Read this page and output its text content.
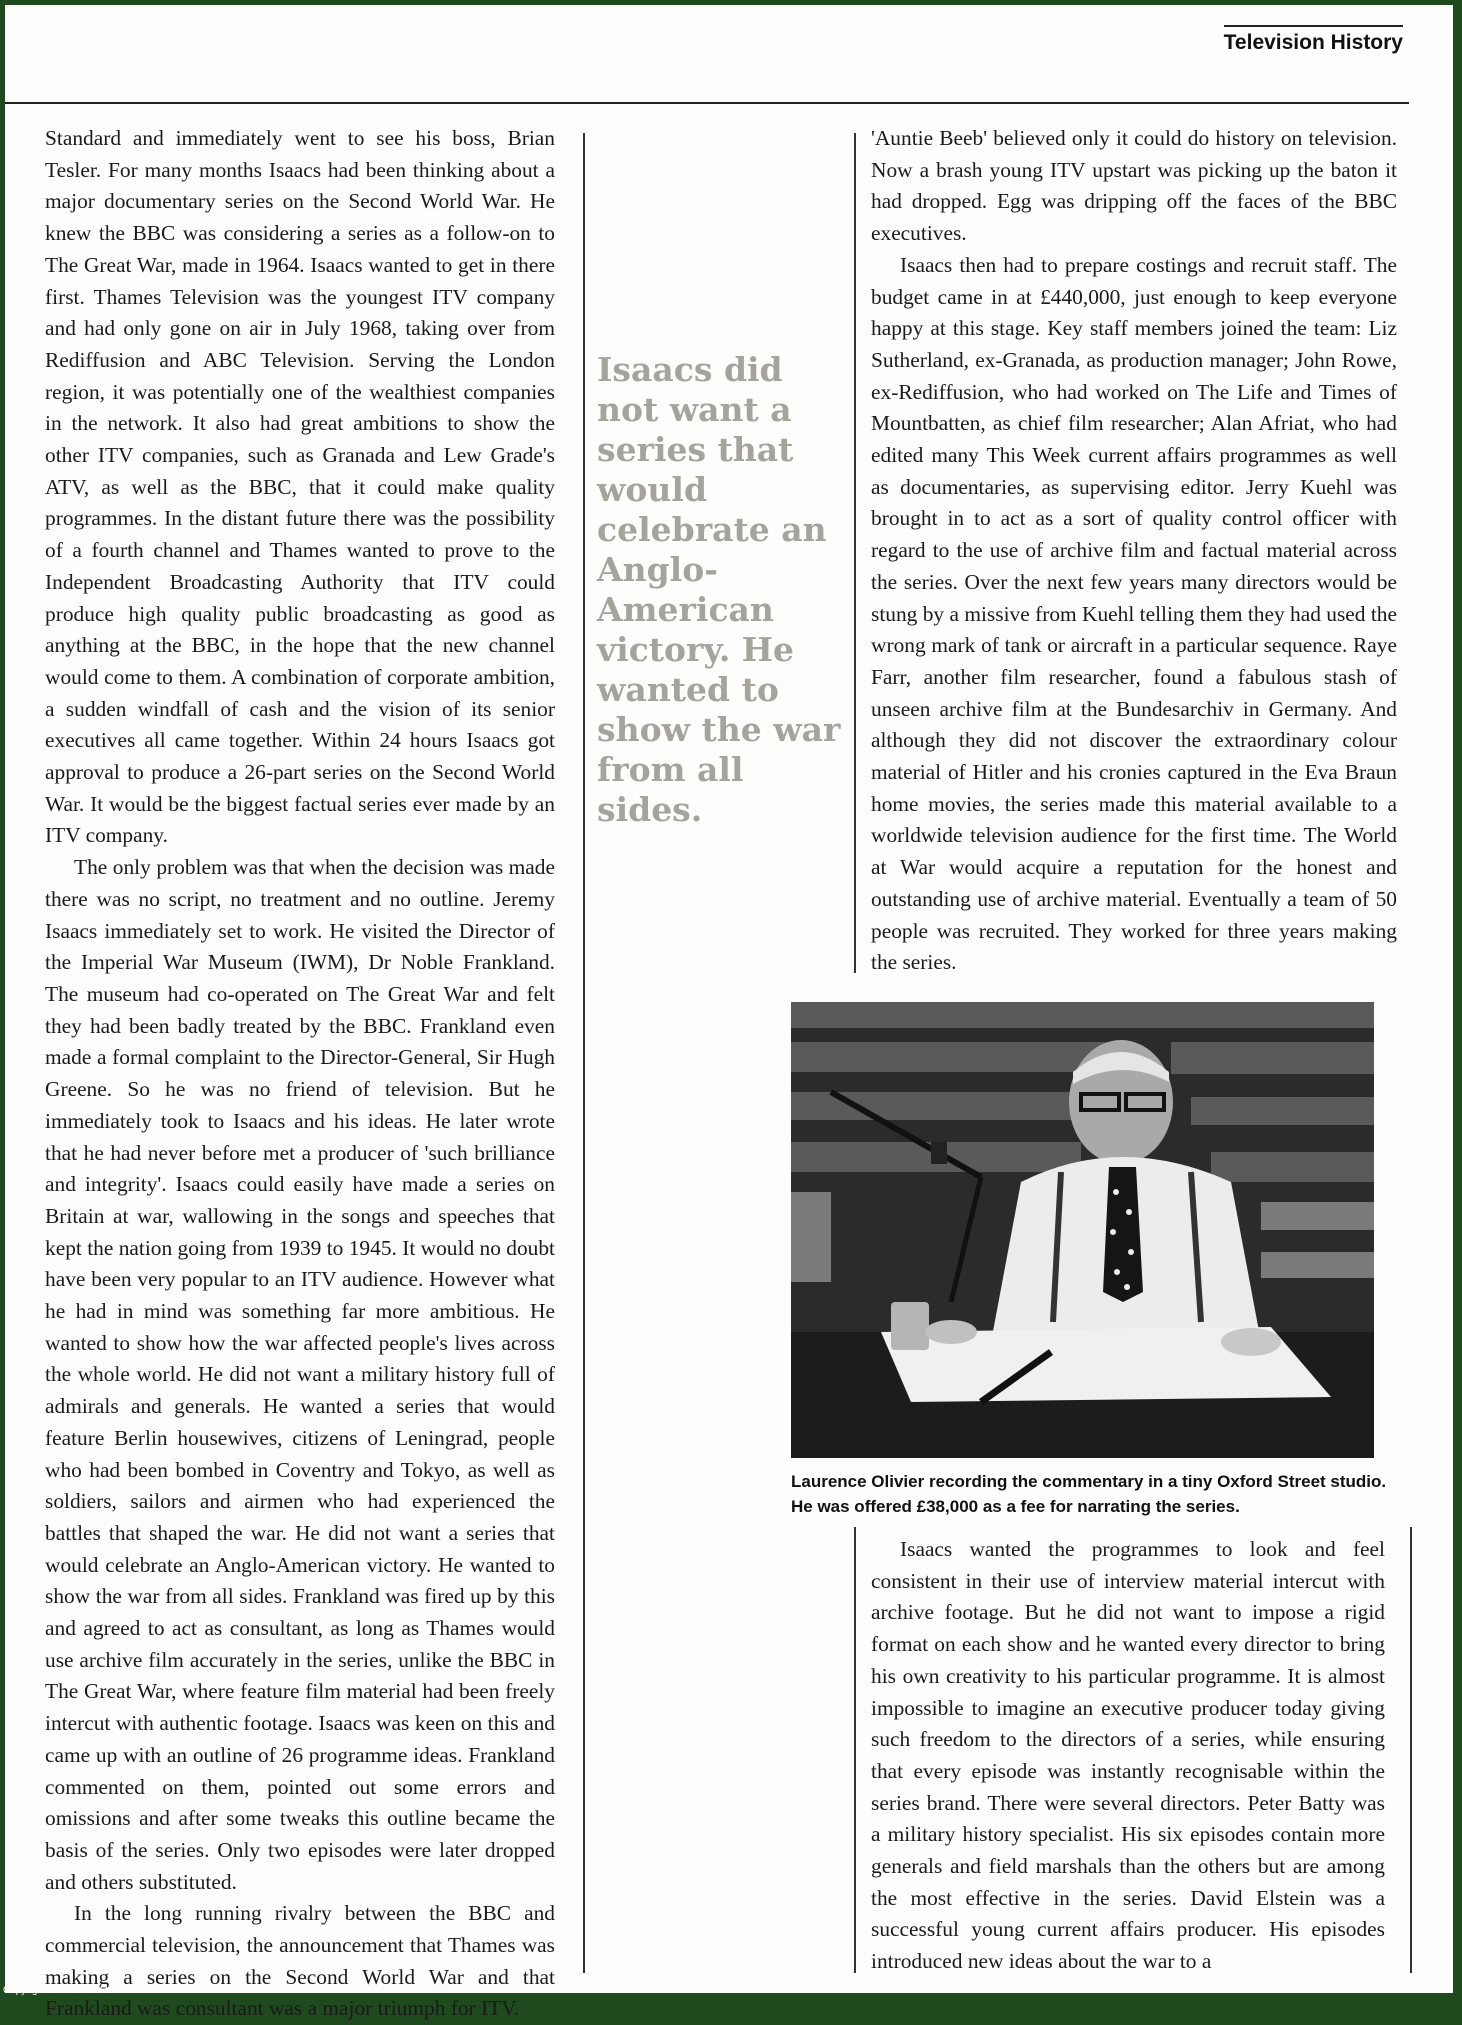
Television History

Standard and immediately went to see his boss, Brian Tesler. For many months Isaacs had been thinking about a major documentary series on the Second World War. He knew the BBC was considering a series as a follow-on to The Great War, made in 1964. Isaacs wanted to get in there first. Thames Television was the youngest ITV company and had only gone on air in July 1968, taking over from Rediffusion and ABC Television. Serving the London region, it was potentially one of the wealthiest companies in the network. It also had great ambitions to show the other ITV companies, such as Granada and Lew Grade's ATV, as well as the BBC, that it could make quality programmes. In the distant future there was the possibility of a fourth channel and Thames wanted to prove to the Independent Broadcasting Authority that ITV could produce high quality public broadcasting as good as anything at the BBC, in the hope that the new channel would come to them. A combination of corporate ambition, a sudden windfall of cash and the vision of its senior executives all came together. Within 24 hours Isaacs got approval to produce a 26-part series on the Second World War. It would be the biggest factual series ever made by an ITV company.

The only problem was that when the decision was made there was no script, no treatment and no outline. Jeremy Isaacs immediately set to work. He visited the Director of the Imperial War Museum (IWM), Dr Noble Frankland. The museum had co-operated on The Great War and felt they had been badly treated by the BBC. Frankland even made a formal complaint to the Director-General, Sir Hugh Greene. So he was no friend of television. But he immediately took to Isaacs and his ideas. He later wrote that he had never before met a producer of 'such brilliance and integrity'. Isaacs could easily have made a series on Britain at war, wallowing in the songs and speeches that kept the nation going from 1939 to 1945. It would no doubt have been very popular to an ITV audience. However what he had in mind was something far more ambitious. He wanted to show how the war affected people's lives across the whole world. He did not want a military history full of admirals and generals. He wanted a series that would feature Berlin housewives, citizens of Leningrad, people who had been bombed in Coventry and Tokyo, as well as soldiers, sailors and airmen who had experienced the battles that shaped the war. He did not want a series that would celebrate an Anglo-American victory. He wanted to show the war from all sides. Frankland was fired up by this and agreed to act as consultant, as long as Thames would use archive film accurately in the series, unlike the BBC in The Great War, where feature film material had been freely intercut with authentic footage. Isaacs was keen on this and came up with an outline of 26 programme ideas. Frankland commented on them, pointed out some errors and omissions and after some tweaks this outline became the basis of the series. Only two episodes were later dropped and others substituted.

In the long running rivalry between the BBC and commercial television, the announcement that Thames was making a series on the Second World War and that Frankland was consultant was a major triumph for ITV.

Isaacs did not want a series that would celebrate an Anglo-American victory. He wanted to show the war from all sides.

'Auntie Beeb' believed only it could do history on television. Now a brash young ITV upstart was picking up the baton it had dropped. Egg was dripping off the faces of the BBC executives.

Isaacs then had to prepare costings and recruit staff. The budget came in at £440,000, just enough to keep everyone happy at this stage. Key staff members joined the team: Liz Sutherland, ex-Granada, as production manager; John Rowe, ex-Rediffusion, who had worked on The Life and Times of Mountbatten, as chief film researcher; Alan Afriat, who had edited many This Week current affairs programmes as well as documentaries, as supervising editor. Jerry Kuehl was brought in to act as a sort of quality control officer with regard to the use of archive film and factual material across the series. Over the next few years many directors would be stung by a missive from Kuehl telling them they had used the wrong mark of tank or aircraft in a particular sequence. Raye Farr, another film researcher, found a fabulous stash of unseen archive film at the Bundesarchiv in Germany. And although they did not discover the extraordinary colour material of Hitler and his cronies captured in the Eva Braun home movies, the series made this material available to a worldwide television audience for the first time. The World at War would acquire a reputation for the honest and outstanding use of archive material. Eventually a team of 50 people was recruited. They worked for three years making the series.

Laurence Olivier recording the commentary in a tiny Oxford Street studio. He was offered £38,000 as a fee for narrating the series.

Isaacs wanted the programmes to look and feel consistent in their use of interview material intercut with archive footage. But he did not want to impose a rigid format on each show and he wanted every director to bring his own creativity to his particular programme. It is almost impossible to imagine an executive producer today giving such freedom to the directors of a series, while ensuring that every episode was instantly recognisable within the series brand. There were several directors. Peter Batty was a military history specialist. His six episodes contain more generals and field marshals than the others but are among the most effective in the series. David Elstein was a successful young current affairs producer. His episodes introduced new ideas about the war to a

Copyright Cosmo Int. Ltd
